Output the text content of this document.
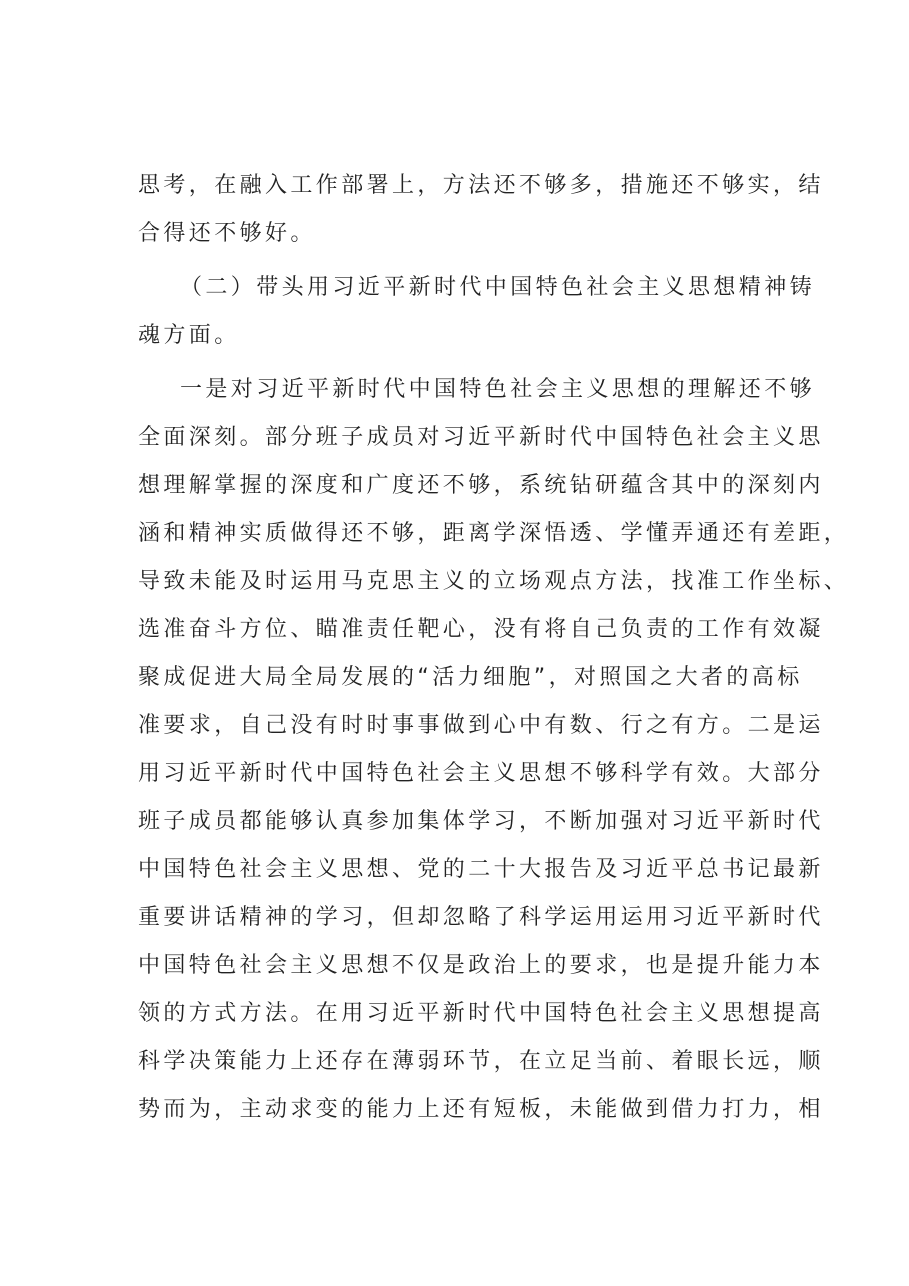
思考，在融入工作部署上，方法还不够多，措施还不够实，结
合得还不够好。
（二）带头用习近平新时代中国特色社会主义思想精神铸
魂方面。
一是对习近平新时代中国特色社会主义思想的理解还不够
全面深刻。部分班子成员对习近平新时代中国特色社会主义思
想理解掌握的深度和广度还不够，系统钻研蕴含其中的深刻内
涵和精神实质做得还不够，距离学深悟透、学懂弄通还有差距，
导致未能及时运用马克思主义的立场观点方法，找准工作坐标、
选准奋斗方位、瞄准责任靶心，没有将自己负责的工作有效凝
聚成促进大局全局发展的“活力细胞”，对照国之大者的高标
准要求，自己没有时时事事做到心中有数、行之有方。二是运
用习近平新时代中国特色社会主义思想不够科学有效。大部分
班子成员都能够认真参加集体学习，不断加强对习近平新时代
中国特色社会主义思想、党的二十大报告及习近平总书记最新
重要讲话精神的学习，但却忽略了科学运用运用习近平新时代
中国特色社会主义思想不仅是政治上的要求，也是提升能力本
领的方式方法。在用习近平新时代中国特色社会主义思想提高
科学决策能力上还存在薄弱环节，在立足当前、着眼长远，顺
势而为，主动求变的能力上还有短板，未能做到借力打力，相
